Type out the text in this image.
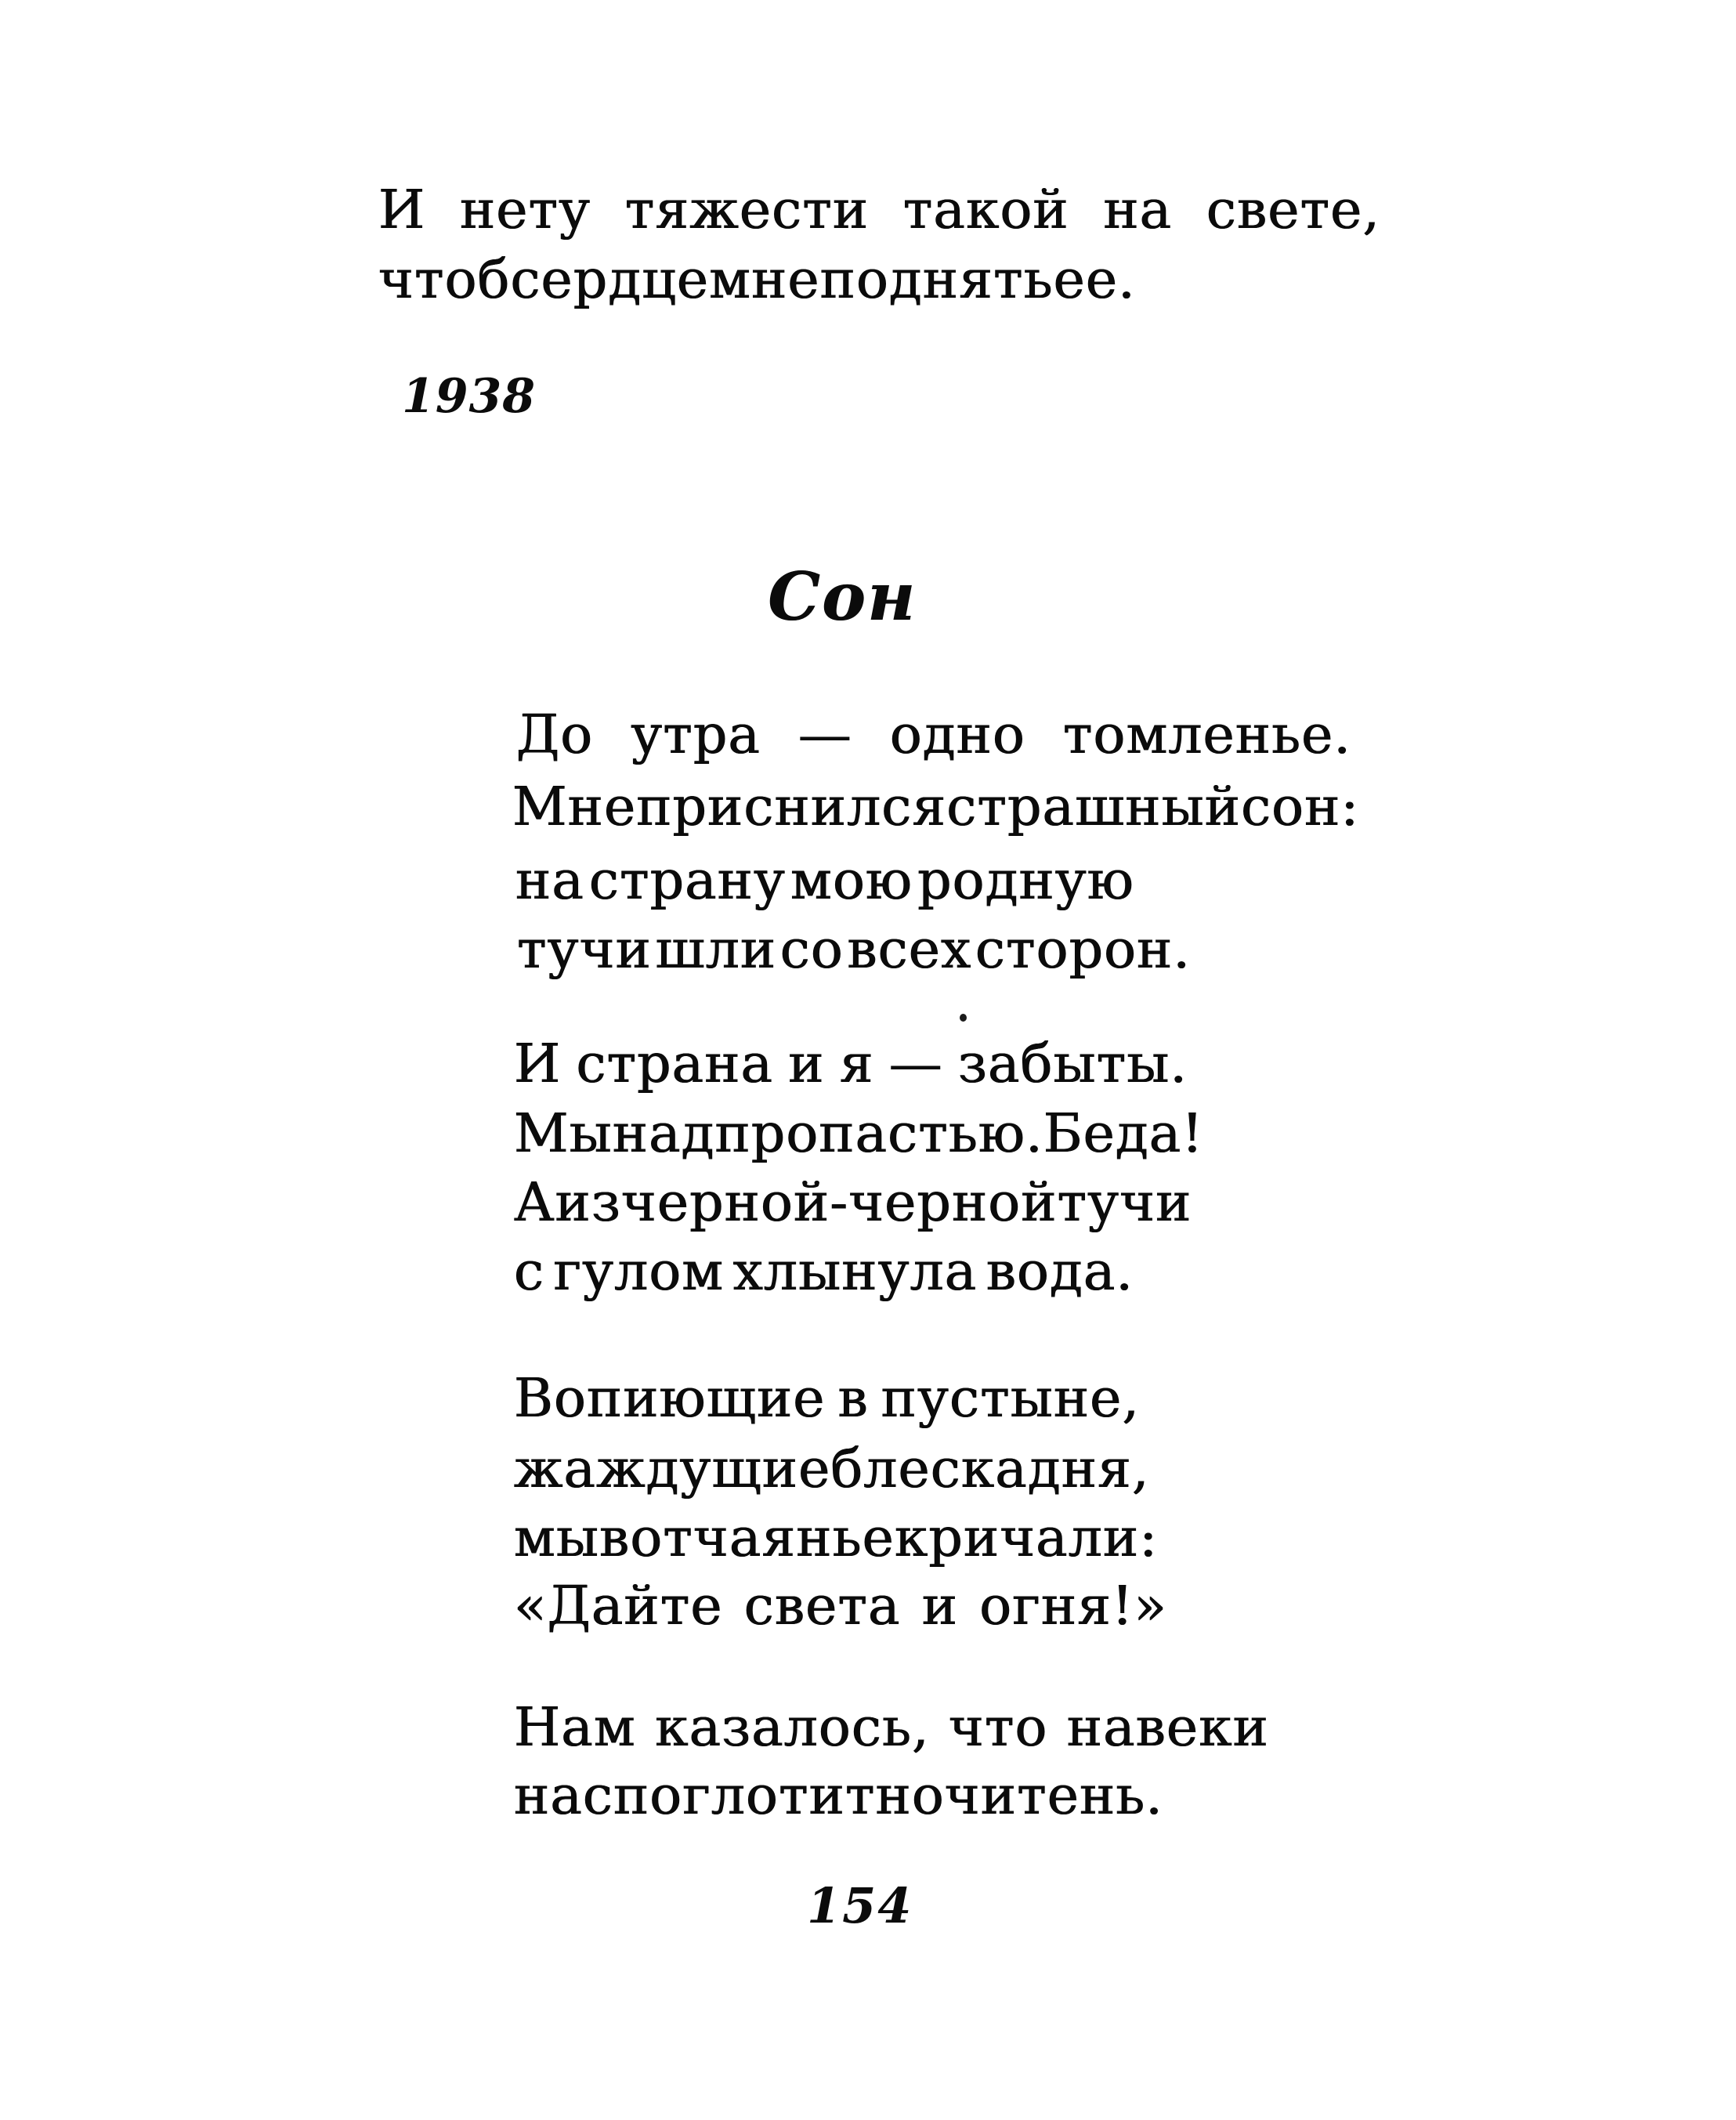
И нету тяжести такой на свете,
чтоб сердцем не поднять ее.
1938
Сон
До утра — одно томленье.
Мне приснился страшный сон:
на страну мою родную
тучи шли со всех сторон.
И страна и я — забыты.
Мы над пропастью. Беда!
А из черной-черной тучи
с гулом хлынула вода.
Вопиющие в пустыне,
жаждущие блеска дня,
мы в отчаянье кричали:
«Дайте света и огня!»
Нам казалось, что навеки
нас поглотит ночи тень.
154
